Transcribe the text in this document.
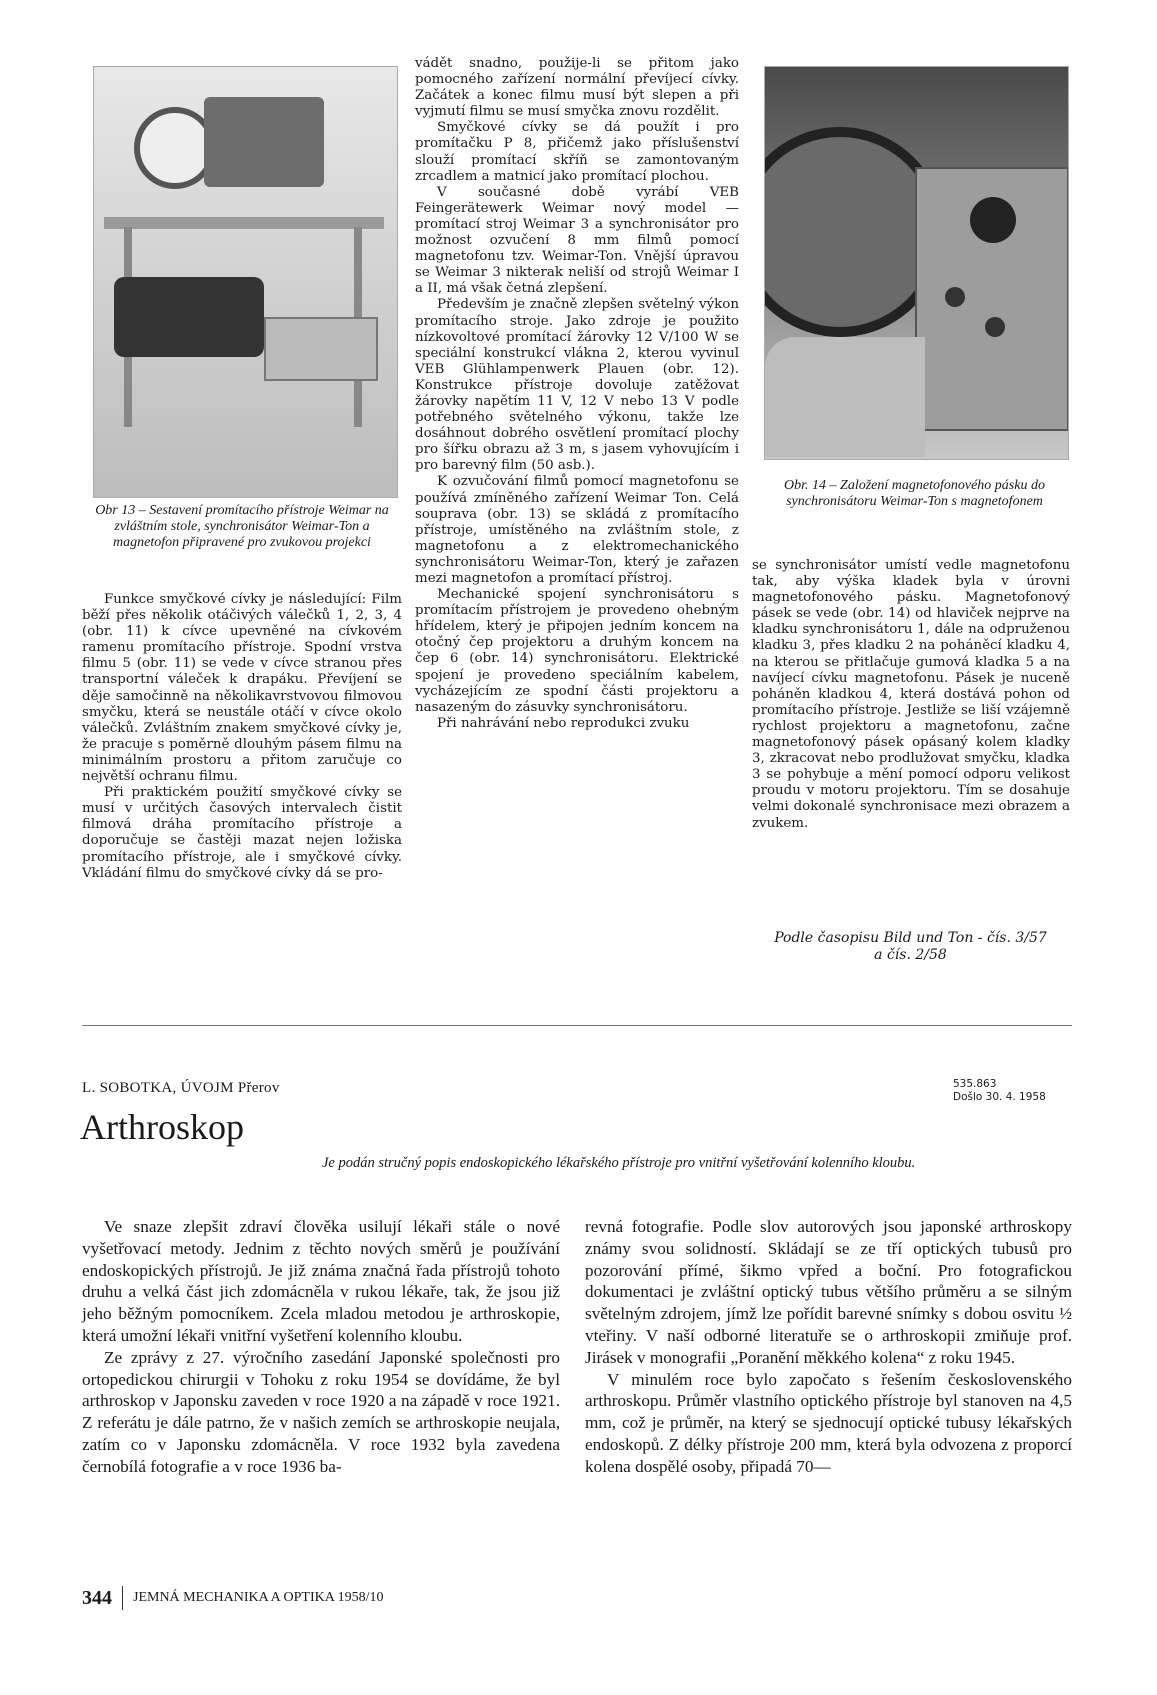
Obr 13 – Sestavení promítacího přístroje Weimar na zvláštním stole, synchronisátor Weimar-Ton a magnetofon připravené pro zvukovou projekci
Obr. 14 – Založení magnetofonového pásku do synchronisátoru Weimar-Ton s magnetofonem

Funkce smyčkové cívky je následující: Film běží přes několik otáčivých válečků 1, 2, 3, 4 (obr. 11) k cívce upevněné na cívkovém ramenu promítacího přístroje. Spodní vrstva filmu 5 (obr. 11) se vede v cívce stranou přes transportní váleček k drapáku. Převíjení se děje samočinně na několikavrstvovou filmovou smyčku, která se neustále otáčí v cívce okolo válečků. Zvláštním znakem smyčkové cívky je, že pracuje s poměrně dlouhým pásem filmu na minimálním prostoru a přitom zaručuje co největší ochranu filmu.

Při praktickém použití smyčkové cívky se musí v určitých časových intervalech čistit filmová dráha promítacího přístroje a doporučuje se častěji mazat nejen ložiska promítacího přístroje, ale i smyčkové cívky. Vkládání filmu do smyčkové cívky dá se pro-

vádět snadno, použije-li se přitom jako pomocného zařízení normální převíjecí cívky. Začátek a konec filmu musí být slepen a při vyjmutí filmu se musí smyčka znovu rozdělit.

Smyčkové cívky se dá použít i pro promítačku P 8, přičemž jako příslušenství slouží promítací skříň se zamontovaným zrcadlem a matnicí jako promítací plochou.

V současné době vyrábí VEB Feingerätewerk Weimar nový model — promítací stroj Weimar 3 a synchronisátor pro možnost ozvučení 8 mm filmů pomocí magnetofonu tzv. Weimar-Ton. Vnější úpravou se Weimar 3 nikterak neliší od strojů Weimar I a II, má však četná zlepšení.

Především je značně zlepšen světelný výkon promítacího stroje. Jako zdroje je použito nízkovoltové promítací žárovky 12 V/100 W se speciální konstrukcí vlákna 2, kterou vyvinul VEB Glühlampenwerk Plauen (obr. 12). Konstrukce přístroje dovoluje zatěžovat žárovky napětím 11 V, 12 V nebo 13 V podle potřebného světelného výkonu, takže lze dosáhnout dobrého osvětlení promítací plochy pro šířku obrazu až 3 m, s jasem vyhovujícím i pro barevný film (50 asb.).

K ozvučování filmů pomocí magnetofonu se používá zmíněného zařízení Weimar Ton. Celá souprava (obr. 13) se skládá z promítacího přístroje, umístěného na zvláštním stole, z magnetofonu a z elektromechanického synchronisátoru Weimar-Ton, který je zařazen mezi magnetofon a promítací přístroj.

Mechanické spojení synchronisátoru s promítacím přístrojem je provedeno ohebným hřídelem, který je připojen jedním koncem na otočný čep projektoru a druhým koncem na čep 6 (obr. 14) synchronisátoru. Elektrické spojení je provedeno speciálním kabelem, vycházejícím ze spodní části projektoru a nasazeným do zásuvky synchronisátoru.

Při nahrávání nebo reprodukci zvuku

se synchronisátor umístí vedle magnetofonu tak, aby výška kladek byla v úrovni magnetofonového pásku. Magnetofonový pásek se vede (obr. 14) od hlaviček nejprve na kladku synchronisátoru 1, dále na odpruženou kladku 3, přes kladku 2 na poháněcí kladku 4, na kterou se přitlačuje gumová kladka 5 a na navíjecí cívku magnetofonu. Pásek je nuceně poháněn kladkou 4, která dostává pohon od promítacího přístroje. Jestliže se liší vzájemně rychlost projektoru a magnetofonu, začne magnetofonový pásek opásaný kolem kladky 3, zkracovat nebo prodlužovat smyčku, kladka 3 se pohybuje a mění pomocí odporu velikost proudu v motoru projektoru. Tím se dosahuje velmi dokonalé synchronisace mezi obrazem a zvukem.

Podle časopisu Bild und Ton - čís. 3/57
a čís. 2/58
L. SOBOTKA, ÚVOJM Přerov	535.863
Došlo 30. 4. 1958
Arthroskop
Je podán stručný popis endoskopického lékařského přístroje pro vnitřní vyšetřování kolenního kloubu.

Ve snaze zlepšit zdraví člověka usilují lékaři stále o nové vyšetřovací metody. Jednim z těchto nových směrů je používání endoskopických přístrojů. Je již známa značná řada přístrojů tohoto druhu a velká část jich zdomácněla v rukou lékaře, tak, že jsou již jeho běžným pomocníkem. Zcela mladou metodou je arthroskopie, která umožní lékaři vnitřní vyšetření kolenního kloubu.

Ze zprávy z 27. výročního zasedání Japonské společnosti pro ortopedickou chirurgii v Tohoku z roku 1954 se dovídáme, že byl arthroskop v Japonsku zaveden v roce 1920 a na západě v roce 1921. Z referátu je dále patrno, že v našich zemích se arthroskopie neujala, zatím co v Japonsku zdomácněla. V roce 1932 byla zavedena černobílá fotografie a v roce 1936 ba-

revná fotografie. Podle slov autorových jsou japonské arthroskopy známy svou solidností. Skládají se ze tří optických tubusů pro pozorování přímé, šikmo vpřed a boční. Pro fotografickou dokumentaci je zvláštní optický tubus většího průměru a se silným světelným zdrojem, jímž lze pořídit barevné snímky s dobou osvitu ½ vteřiny. V naší odborné literatuře se o arthroskopii zmiňuje prof. Jirásek v monografii „Poranění měkkého kolena“ z roku 1945.

V minulém roce bylo započato s řešením československého arthroskopu. Průměr vlastního optického přístroje byl stanoven na 4,5 mm, což je průměr, na který se sjednocují optické tubusy lékařských endoskopů. Z délky přístroje 200 mm, která byla odvozena z proporcí kolena dospělé osoby, připadá 70—

344 JEMNÁ MECHANIKA A OPTIKA 1958/10
